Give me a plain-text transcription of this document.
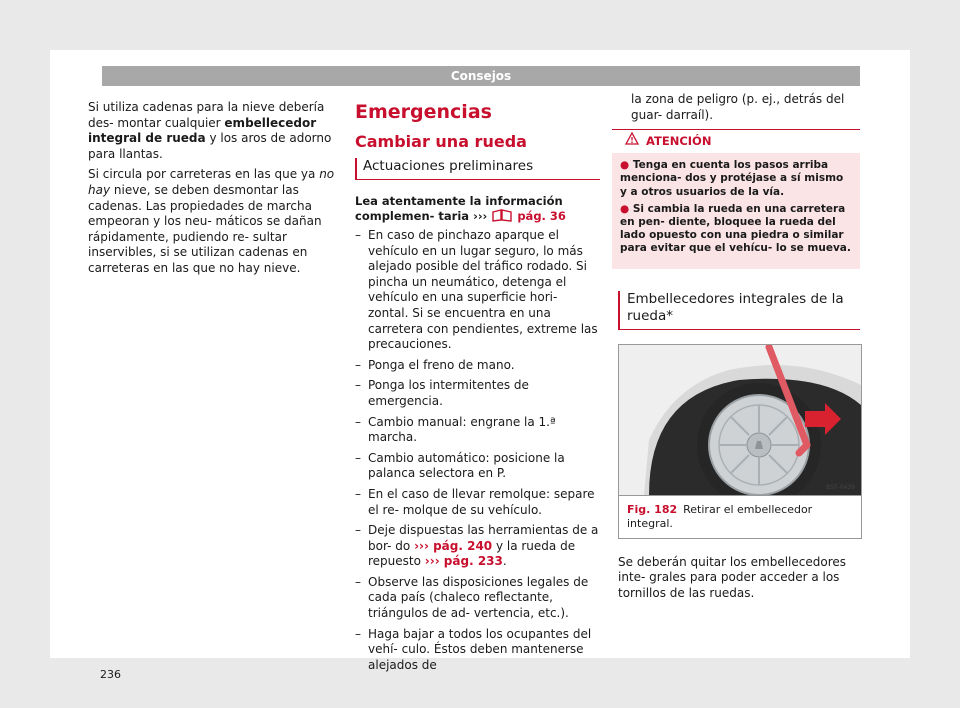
Consejos

Si utiliza cadenas para la nieve debería des- montar cualquier embellecedor integral de rueda y los aros de adorno para llantas.

Si circula por carreteras en las que ya no hay nieve, se deben desmontar las cadenas. Las propiedades de marcha empeoran y los neu- máticos se dañan rápidamente, pudiendo re- sultar inservibles, si se utilizan cadenas en carreteras en las que no hay nieve.

Emergencias
Cambiar una rueda
Actuaciones preliminares
Lea atentamente la información complemen- taria ›››	pág. 36
– En caso de pinchazo aparque el vehículo en un lugar seguro, lo más alejado posible del tráfico rodado. Si pincha un neumático, detenga el vehículo en una superficie hori- zontal. Si se encuentra en una carretera con pendientes, extreme las precauciones.
– Ponga el freno de mano.
– Ponga los intermitentes de emergencia.
– Cambio manual: engrane la 1.ª marcha.
– Cambio automático: posicione la palanca selectora en P.
– En el caso de llevar remolque: separe el re- molque de su vehículo.
– Deje dispuestas las herramientas de a bor- do ››› pág. 240 y la rueda de repuesto ››› pág. 233.
– Observe las disposiciones legales de cada país (chaleco reflectante, triángulos de ad- vertencia, etc.).
– Haga bajar a todos los ocupantes del vehí- culo. Éstos deben mantenerse alejados de

la zona de peligro (p. ej., detrás del guar- darraíl).

ATENCIÓN
● Tenga en cuenta los pasos arriba menciona- dos y protéjase a sí mismo y a otros usuarios de la vía.
● Si cambia la rueda en una carretera en pen- diente, bloquee la rueda del lado opuesto con una piedra o similar para evitar que el vehícu- lo se mueva.
Embellecedores integrales de la rueda*
B5F-0439
Fig. 182 Retirar el embellecedor integral.

Se deberán quitar los embellecedores inte- grales para poder acceder a los tornillos de las ruedas.

236
